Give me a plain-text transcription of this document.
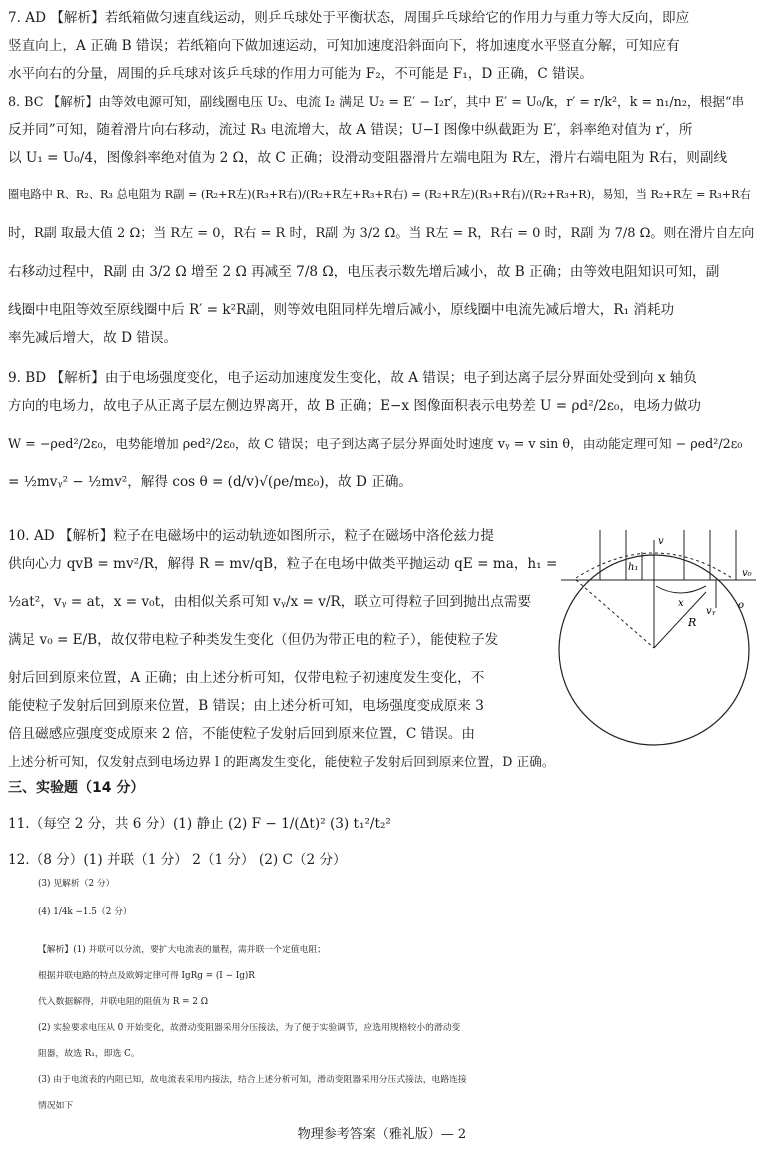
7. AD 【解析】若纸箱做匀速直线运动，则乒乓球处于平衡状态，周围乒乓球给它的作用力与重力等大反向，即应
竖直向上，A 正确 B 错误；若纸箱向下做加速运动，可知加速度沿斜面向下，将加速度水平竖直分解，可知应有
水平向右的分量，周围的乒乓球对该乒乓球的作用力可能为 F₂，不可能是 F₁，D 正确，C 错误。
8. BC 【解析】由等效电源可知，副线圈电压 U₂、电流 I₂ 满足 U₂ = E′ − I₂r′，其中 E′ = U₀/k，r′ = r/k²，k = n₁/n₂，根据“串
反并同”可知，随着滑片向右移动，流过 R₃ 电流增大，故 A 错误；U−I 图像中纵截距为 E′，斜率绝对值为 r′，所
以 U₁ = U₀/4，图像斜率绝对值为 2 Ω，故 C 正确；设滑动变阻器滑片左端电阻为 R左，滑片右端电阻为 R右，则副线
圈电路中 R、R₂、R₃ 总电阻为 R副 = (R₂+R左)(R₃+R右)/(R₂+R左+R₃+R右) = (R₂+R左)(R₃+R右)/(R₂+R₃+R)，易知，当 R₂+R左 = R₃+R右
时，R副 取最大值 2 Ω；当 R左 = 0，R右 = R 时，R副 为 3/2 Ω。当 R左 = R，R右 = 0 时，R副 为 7/8 Ω。则在滑片自左向
右移动过程中，R副 由 3/2 Ω 增至 2 Ω 再减至 7/8 Ω，电压表示数先增后减小，故 B 正确；由等效电阻知识可知，副
线圈中电阻等效至原线圈中后 R′ = k²R副，则等效电阻同样先增后减小，原线圈中电流先减后增大，R₁ 消耗功
率先减后增大，故 D 错误。
9. BD 【解析】由于电场强度变化，电子运动加速度发生变化，故 A 错误；电子到达离子层分界面处受到向 x 轴负
方向的电场力，故电子从正离子层左侧边界离开，故 B 正确；E−x 图像面积表示电势差 U = ρd²/2ε₀，电场力做功
W = −ρed²/2ε₀，电势能增加 ρed²/2ε₀，故 C 错误；电子到达离子层分界面处时速度 vᵧ = v sin θ，由动能定理可知 − ρed²/2ε₀
= ½mvᵧ² − ½mv²，解得 cos θ = (d/v)√(ρe/mε₀)，故 D 正确。
10. AD 【解析】粒子在电磁场中的运动轨迹如图所示，粒子在磁场中洛伦兹力提
供向心力 qvB = mv²/R，解得 R = mv/qB，粒子在电场中做类平抛运动 qE = ma，h₁ =
½at²，vᵧ = at，x = v₀t，由相似关系可知 vᵧ/x = v/R，联立可得粒子回到抛出点需要
满足 v₀ = E/B，故仅带电粒子种类发生变化（但仍为带正电的粒子），能使粒子发
射后回到原来位置，A 正确；由上述分析可知，仅带电粒子初速度发生变化，不
能使粒子发射后回到原来位置，B 错误；由上述分析可知，电场强度变成原来 3
倍且磁感应强度变成原来 2 倍，不能使粒子发射后回到原来位置，C 错误。由
上述分析可知，仅发射点到电场边界 l 的距离发生变化，能使粒子发射后回到原来位置，D 正确。
h₁
v
x
v₀
vᵧ
o
R
三、实验题（14 分）
11.（每空 2 分，共 6 分）(1) 静止 (2) F − 1/(Δt)² (3) t₁²/t₂²
12.（8 分）(1) 并联（1 分） 2（1 分） (2) C（2 分）
(3) 见解析（2 分）
(4) 1/4k −1.5（2 分）
【解析】(1) 并联可以分流，要扩大电流表的量程，需并联一个定值电阻；
根据并联电路的特点及欧姆定律可得 IgRg = (I − Ig)R
代入数据解得，并联电阻的阻值为 R = 2 Ω
(2) 实验要求电压从 0 开始变化，故滑动变阻器采用分压接法，为了便于实验调节，应选用规格较小的滑动变
阻器，故选 R₁，即选 C。
(3) 由于电流表的内阻已知，故电流表采用内接法，结合上述分析可知，滑动变阻器采用分压式接法，电路连接
情况如下
物理参考答案（雅礼版）— 2
